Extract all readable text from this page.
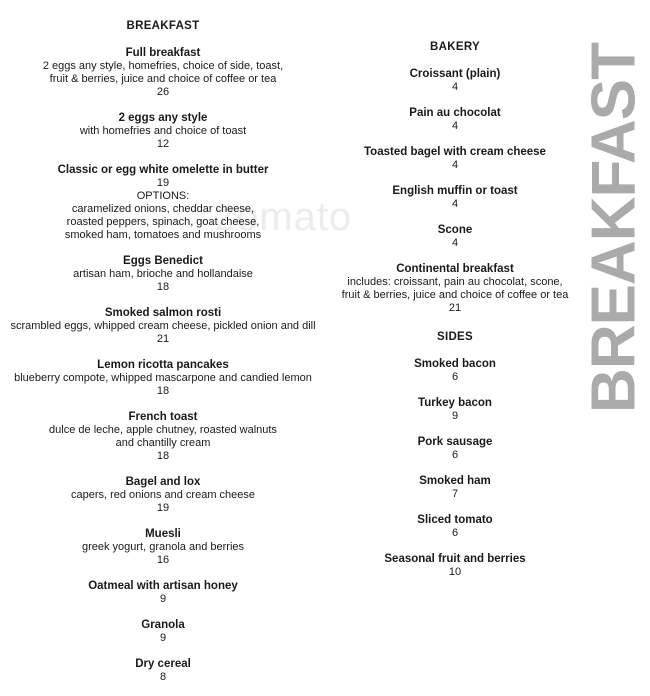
zomato
BREAKFAST
Full breakfast
2 eggs any style, homefries, choice of side, toast,
fruit & berries, juice and choice of coffee or tea
26
2 eggs any style
with homefries and choice of toast
12
Classic or egg white omelette in butter
19
OPTIONS:
caramelized onions, cheddar cheese,
roasted peppers, spinach, goat cheese,
smoked ham, tomatoes and mushrooms
Eggs Benedict
artisan ham, brioche and hollandaise
18
Smoked salmon rosti
scrambled eggs, whipped cream cheese, pickled onion and dill
21
Lemon ricotta pancakes
blueberry compote, whipped mascarpone and candied lemon

18
French toast
dulce de leche, apple chutney, roasted walnuts
and chantilly cream
18
Bagel and lox
capers, red onions and cream cheese
19
Muesli
greek yogurt, granola and berries
16
Oatmeal with artisan honey
9
Granola
9
Dry cereal
8
BAKERY
Croissant (plain)
4
Pain au chocolat
4
Toasted bagel with cream cheese
4
English muffin or toast
4
Scone
4
Continental breakfast
includes: croissant, pain au chocolat, scone,
fruit & berries, juice and choice of coffee or tea
21
SIDES
Smoked bacon
6
Turkey bacon
9
Pork sausage
6
Smoked ham
7
Sliced tomato
6
Seasonal fruit and berries
10
BREAKFAST
